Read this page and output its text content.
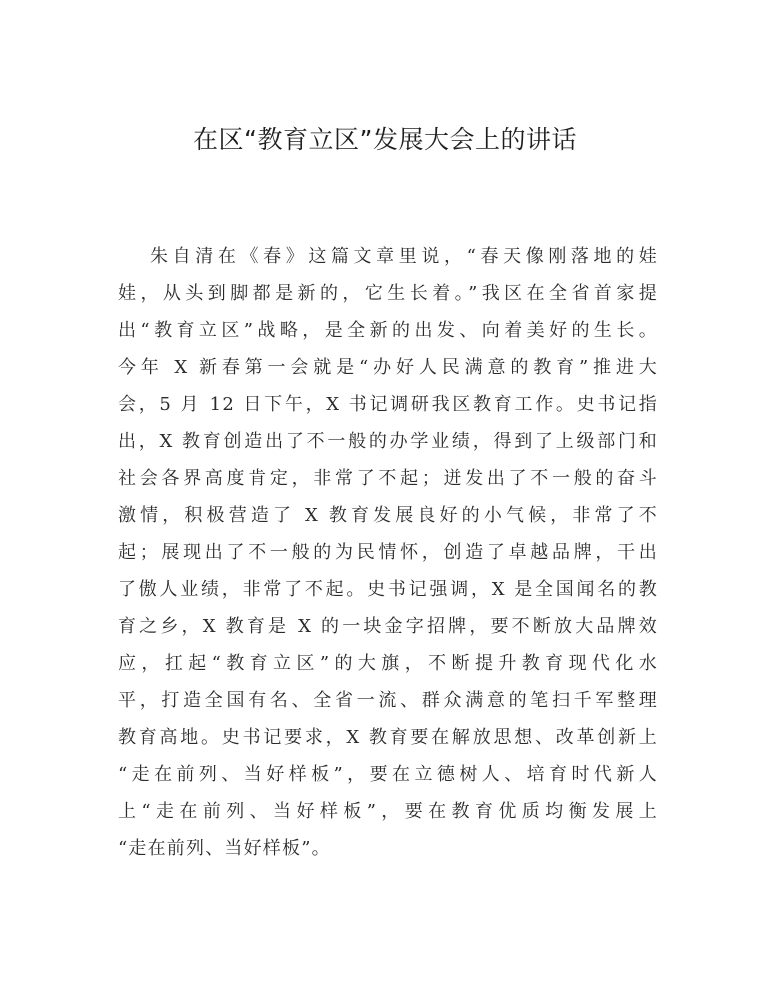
在区“教育立区”发展大会上的讲话
朱自清在《春》这篇文章里说，“春天像刚落地的娃
娃，从头到脚都是新的，它生长着。”我区在全省首家提
出“教育立区”战略，是全新的出发、向着美好的生长。
今年 X 新春第一会就是“办好人民满意的教育”推进大
会，5 月 12 日下午，X 书记调研我区教育工作。史书记指
出，X 教育创造出了不一般的办学业绩，得到了上级部门和
社会各界高度肯定，非常了不起；迸发出了不一般的奋斗
激情，积极营造了 X 教育发展良好的小气候，非常了不
起；展现出了不一般的为民情怀，创造了卓越品牌，干出
了傲人业绩，非常了不起。史书记强调，X 是全国闻名的教
育之乡，X 教育是 X 的一块金字招牌，要不断放大品牌效
应，扛起“教育立区”的大旗，不断提升教育现代化水
平，打造全国有名、全省一流、群众满意的笔扫千军整理
教育高地。史书记要求，X 教育要在解放思想、改革创新上
“走在前列、当好样板”，要在立德树人、培育时代新人
上“走在前列、当好样板”，要在教育优质均衡发展上
“走在前列、当好样板”。
